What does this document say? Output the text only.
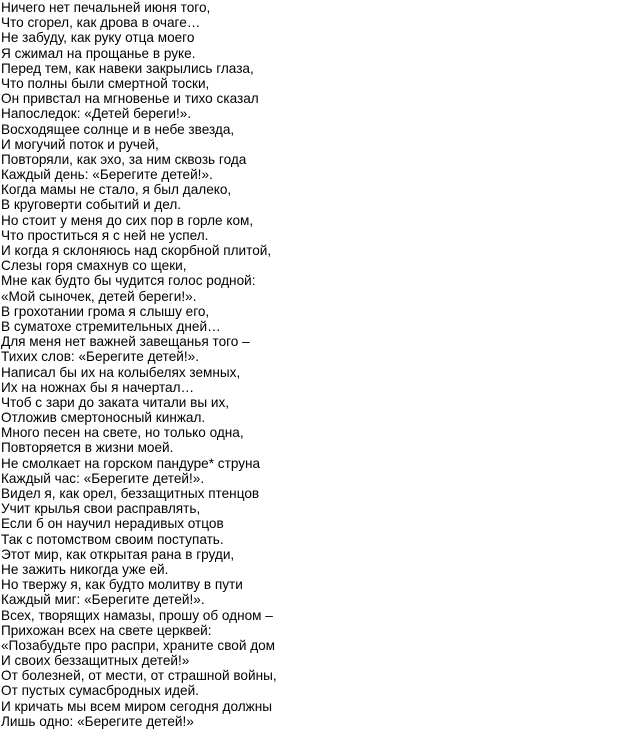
Ничего нет печальней июня того,
Что сгорел, как дрова в очаге…
Не забуду, как руку отца моего
Я сжимал на прощанье в руке.
Перед тем, как навеки закрылись глаза,
Что полны были смертной тоски,
Он привстал на мгновенье и тихо сказал
Напоследок: «Детей береги!».
Восходящее солнце и в небе звезда,
И могучий поток и ручей,
Повторяли, как эхо, за ним сквозь года
Каждый день: «Берегите детей!».
Когда мамы не стало, я был далеко,
В круговерти событий и дел.
Но стоит у меня до сих пор в горле ком,
Что проститься я с ней не успел.
И когда я склоняюсь над скорбной плитой,
Слезы горя смахнув со щеки,
Мне как будто бы чудится голос родной:
«Мой сыночек, детей береги!».
В грохотании грома я слышу его,
В суматохе стремительных дней…
Для меня нет важней завещанья того –
Тихих слов: «Берегите детей!».
Написал бы их на колыбелях земных,
Их на ножнах бы я начертал…
Чтоб с зари до заката читали вы их,
Отложив смертоносный кинжал.
Много песен на свете, но только одна,
Повторяется в жизни моей.
Не смолкает на горском пандуре* струна
Каждый час: «Берегите детей!».
Видел я, как орел, беззащитных птенцов
Учит крылья свои расправлять,
Если б он научил нерадивых отцов
Так с потомством своим поступать.
Этот мир, как открытая рана в груди,
Не зажить никогда уже ей.
Но твержу я, как будто молитву в пути
Каждый миг: «Берегите детей!».
Всех, творящих намазы, прошу об одном –
Прихожан всех на свете церквей:
«Позабудьте про распри, храните свой дом
И своих беззащитных детей!»
От болезней, от мести, от страшной войны,
От пустых сумасбродных идей.
И кричать мы всем миром сегодня должны
Лишь одно: «Берегите детей!»
